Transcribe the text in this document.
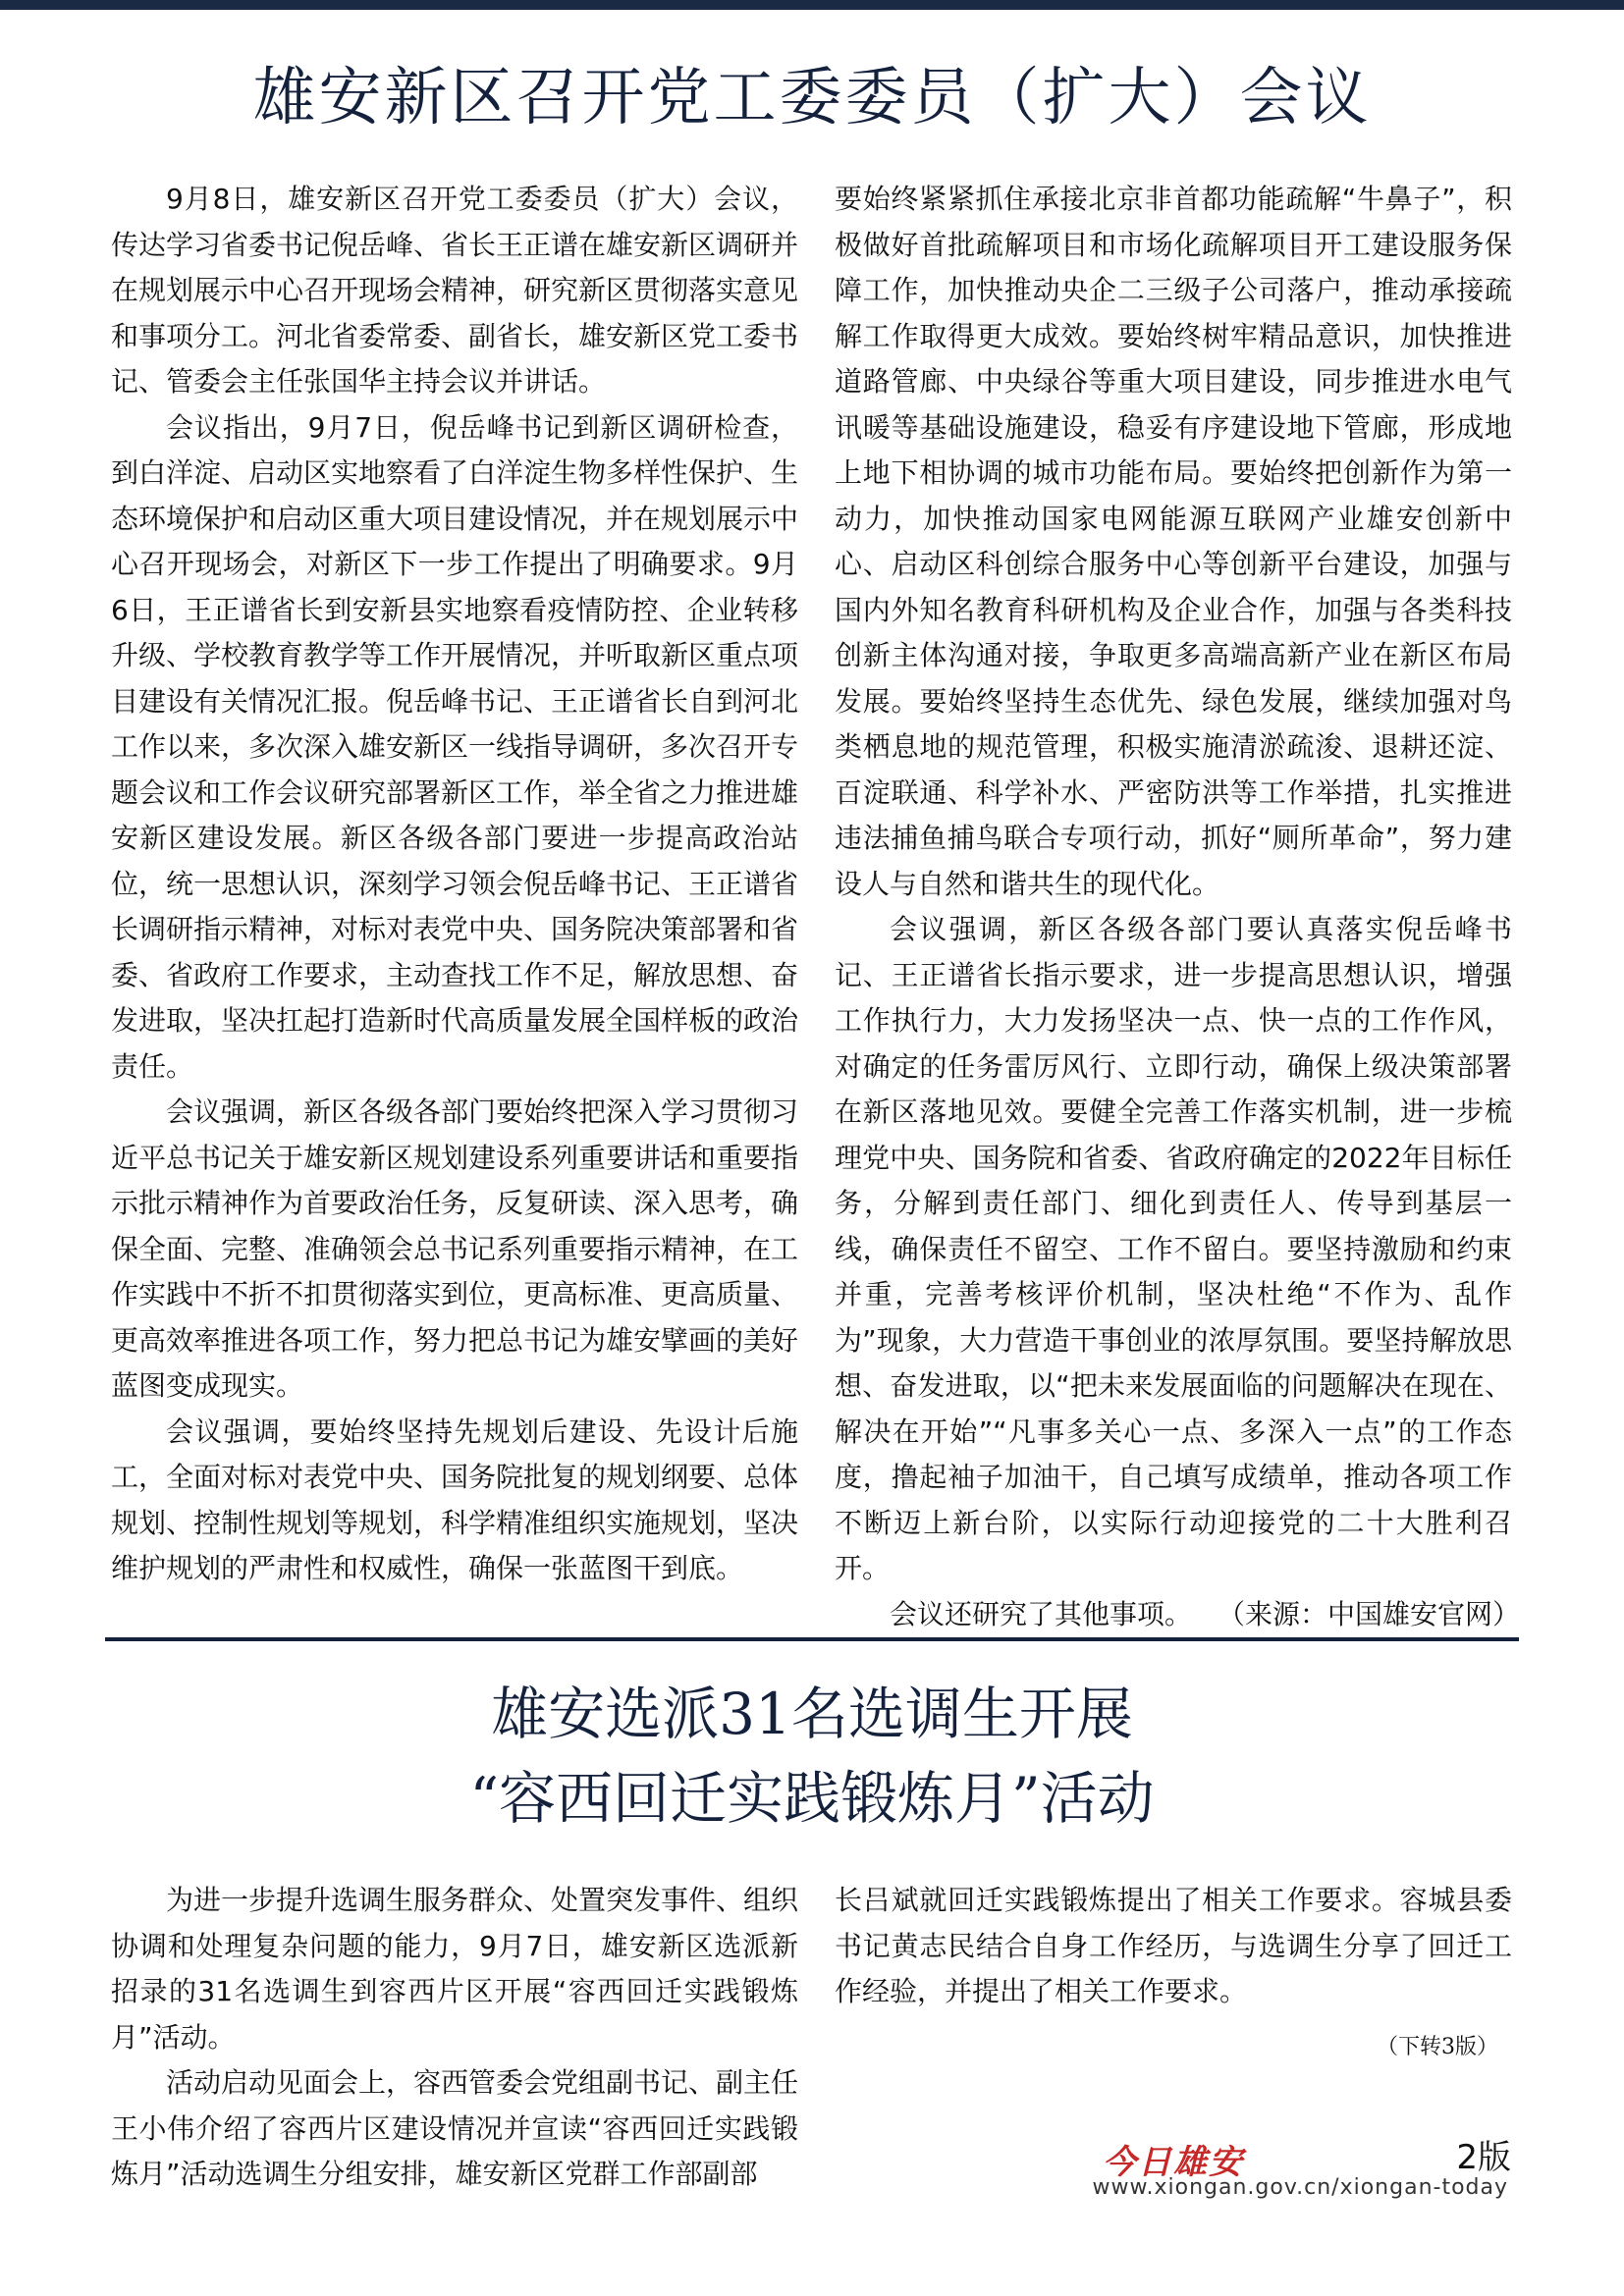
雄安新区召开党工委委员（扩大）会议

9月8日，雄安新区召开党工委委员（扩大）会议，传达学习省委书记倪岳峰、省长王正谱在雄安新区调研并在规划展示中心召开现场会精神，研究新区贯彻落实意见和事项分工。河北省委常委、副省长，雄安新区党工委书记、管委会主任张国华主持会议并讲话。

会议指出，9月7日，倪岳峰书记到新区调研检查，到白洋淀、启动区实地察看了白洋淀生物多样性保护、生态环境保护和启动区重大项目建设情况，并在规划展示中心召开现场会，对新区下一步工作提出了明确要求。9月6日，王正谱省长到安新县实地察看疫情防控、企业转移升级、学校教育教学等工作开展情况，并听取新区重点项目建设有关情况汇报。倪岳峰书记、王正谱省长自到河北工作以来，多次深入雄安新区一线指导调研，多次召开专题会议和工作会议研究部署新区工作，举全省之力推进雄安新区建设发展。新区各级各部门要进一步提高政治站位，统一思想认识，深刻学习领会倪岳峰书记、王正谱省长调研指示精神，对标对表党中央、国务院决策部署和省委、省政府工作要求，主动查找工作不足，解放思想、奋发进取，坚决扛起打造新时代高质量发展全国样板的政治责任。

会议强调，新区各级各部门要始终把深入学习贯彻习近平总书记关于雄安新区规划建设系列重要讲话和重要指示批示精神作为首要政治任务，反复研读、深入思考，确保全面、完整、准确领会总书记系列重要指示精神，在工作实践中不折不扣贯彻落实到位，更高标准、更高质量、更高效率推进各项工作，努力把总书记为雄安擘画的美好蓝图变成现实。

会议强调，要始终坚持先规划后建设、先设计后施工，全面对标对表党中央、国务院批复的规划纲要、总体规划、控制性规划等规划，科学精准组织实施规划，坚决维护规划的严肃性和权威性，确保一张蓝图干到底。

要始终紧紧抓住承接北京非首都功能疏解“牛鼻子”，积极做好首批疏解项目和市场化疏解项目开工建设服务保障工作，加快推动央企二三级子公司落户，推动承接疏解工作取得更大成效。要始终树牢精品意识，加快推进道路管廊、中央绿谷等重大项目建设，同步推进水电气讯暖等基础设施建设，稳妥有序建设地下管廊，形成地上地下相协调的城市功能布局。要始终把创新作为第一动力，加快推动国家电网能源互联网产业雄安创新中心、启动区科创综合服务中心等创新平台建设，加强与国内外知名教育科研机构及企业合作，加强与各类科技创新主体沟通对接，争取更多高端高新产业在新区布局发展。要始终坚持生态优先、绿色发展，继续加强对鸟类栖息地的规范管理，积极实施清淤疏浚、退耕还淀、百淀联通、科学补水、严密防洪等工作举措，扎实推进违法捕鱼捕鸟联合专项行动，抓好“厕所革命”，努力建设人与自然和谐共生的现代化。

会议强调，新区各级各部门要认真落实倪岳峰书记、王正谱省长指示要求，进一步提高思想认识，增强工作执行力，大力发扬坚决一点、快一点的工作作风，对确定的任务雷厉风行、立即行动，确保上级决策部署在新区落地见效。要健全完善工作落实机制，进一步梳理党中央、国务院和省委、省政府确定的2022年目标任务，分解到责任部门、细化到责任人、传导到基层一线，确保责任不留空、工作不留白。要坚持激励和约束并重，完善考核评价机制，坚决杜绝“不作为、乱作为”现象，大力营造干事创业的浓厚氛围。要坚持解放思想、奋发进取，以“把未来发展面临的问题解决在现在、解决在开始”“凡事多关心一点、多深入一点”的工作态度，撸起袖子加油干，自己填写成绩单，推动各项工作不断迈上新台阶，以实际行动迎接党的二十大胜利召开。

会议还研究了其他事项。 （来源：中国雄安官网）

雄安选派31名选调生开展
“容西回迁实践锻炼月”活动

为进一步提升选调生服务群众、处置突发事件、组织协调和处理复杂问题的能力，9月7日，雄安新区选派新招录的31名选调生到容西片区开展“容西回迁实践锻炼月”活动。

活动启动见面会上，容西管委会党组副书记、副主任王小伟介绍了容西片区建设情况并宣读“容西回迁实践锻炼月”活动选调生分组安排，雄安新区党群工作部副部

长吕斌就回迁实践锻炼提出了相关工作要求。容城县委书记黄志民结合自身工作经历，与选调生分享了回迁工作经验，并提出了相关工作要求。

（下转3版）
今日雄安	2版
www.xiongan.gov.cn/xiongan-today
